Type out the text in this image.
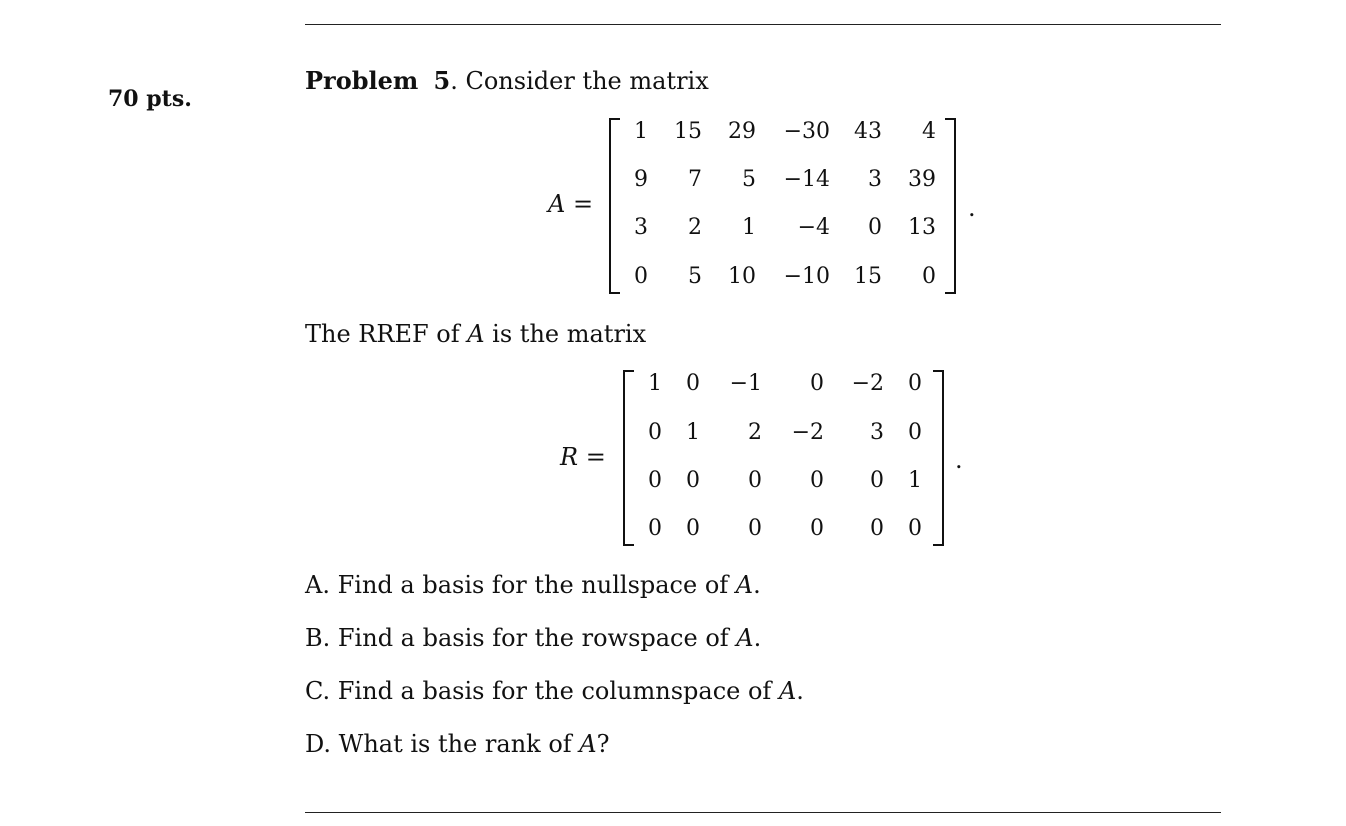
70 pts.
Problem 5. Consider the matrix
A =	.
1	15	29	−30	43	4
9	7	5	−14	3	39
3	2	1	−4	0	13
0	5	10	−10	15	0
The RREF of A is the matrix
R =	.
1	0	−1	0	−2	0
0	1	2	−2	3	0
0	0	0	0	0	1
0	0	0	0	0	0
A. Find a basis for the nullspace of A.
B. Find a basis for the rowspace of A.
C. Find a basis for the columnspace of A.
D. What is the rank of A?
